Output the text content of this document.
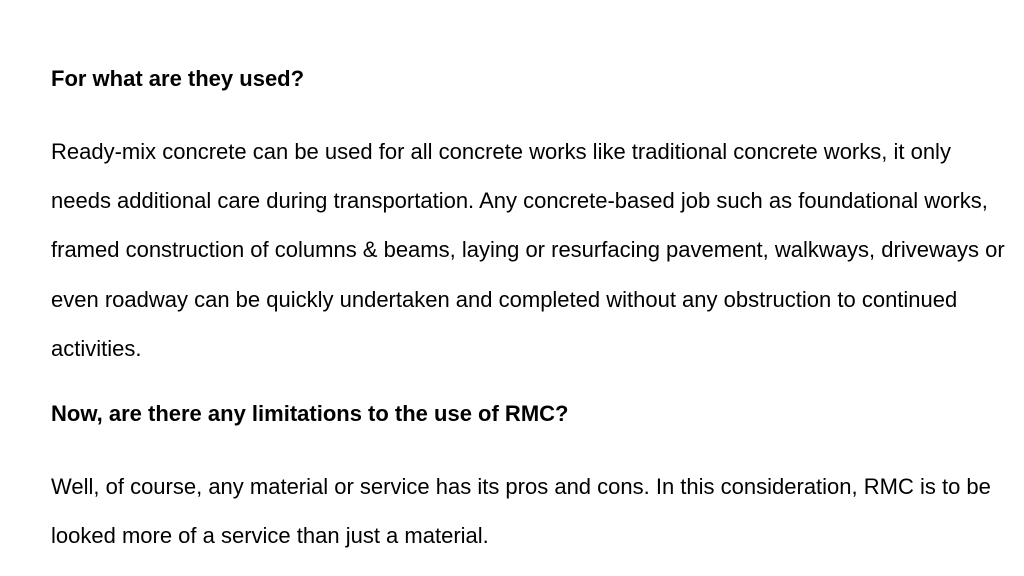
For what are they used?

Ready-mix concrete can be used for all concrete works like traditional concrete works, it only needs additional care during transportation. Any concrete-based job such as foundational works, framed construction of columns & beams, laying or resurfacing pavement, walkways, driveways or even roadway can be quickly undertaken and completed without any obstruction to continued activities.

Now, are there any limitations to the use of RMC?

Well, of course, any material or service has its pros and cons. In this consideration, RMC is to be looked more of a service than just a material.
